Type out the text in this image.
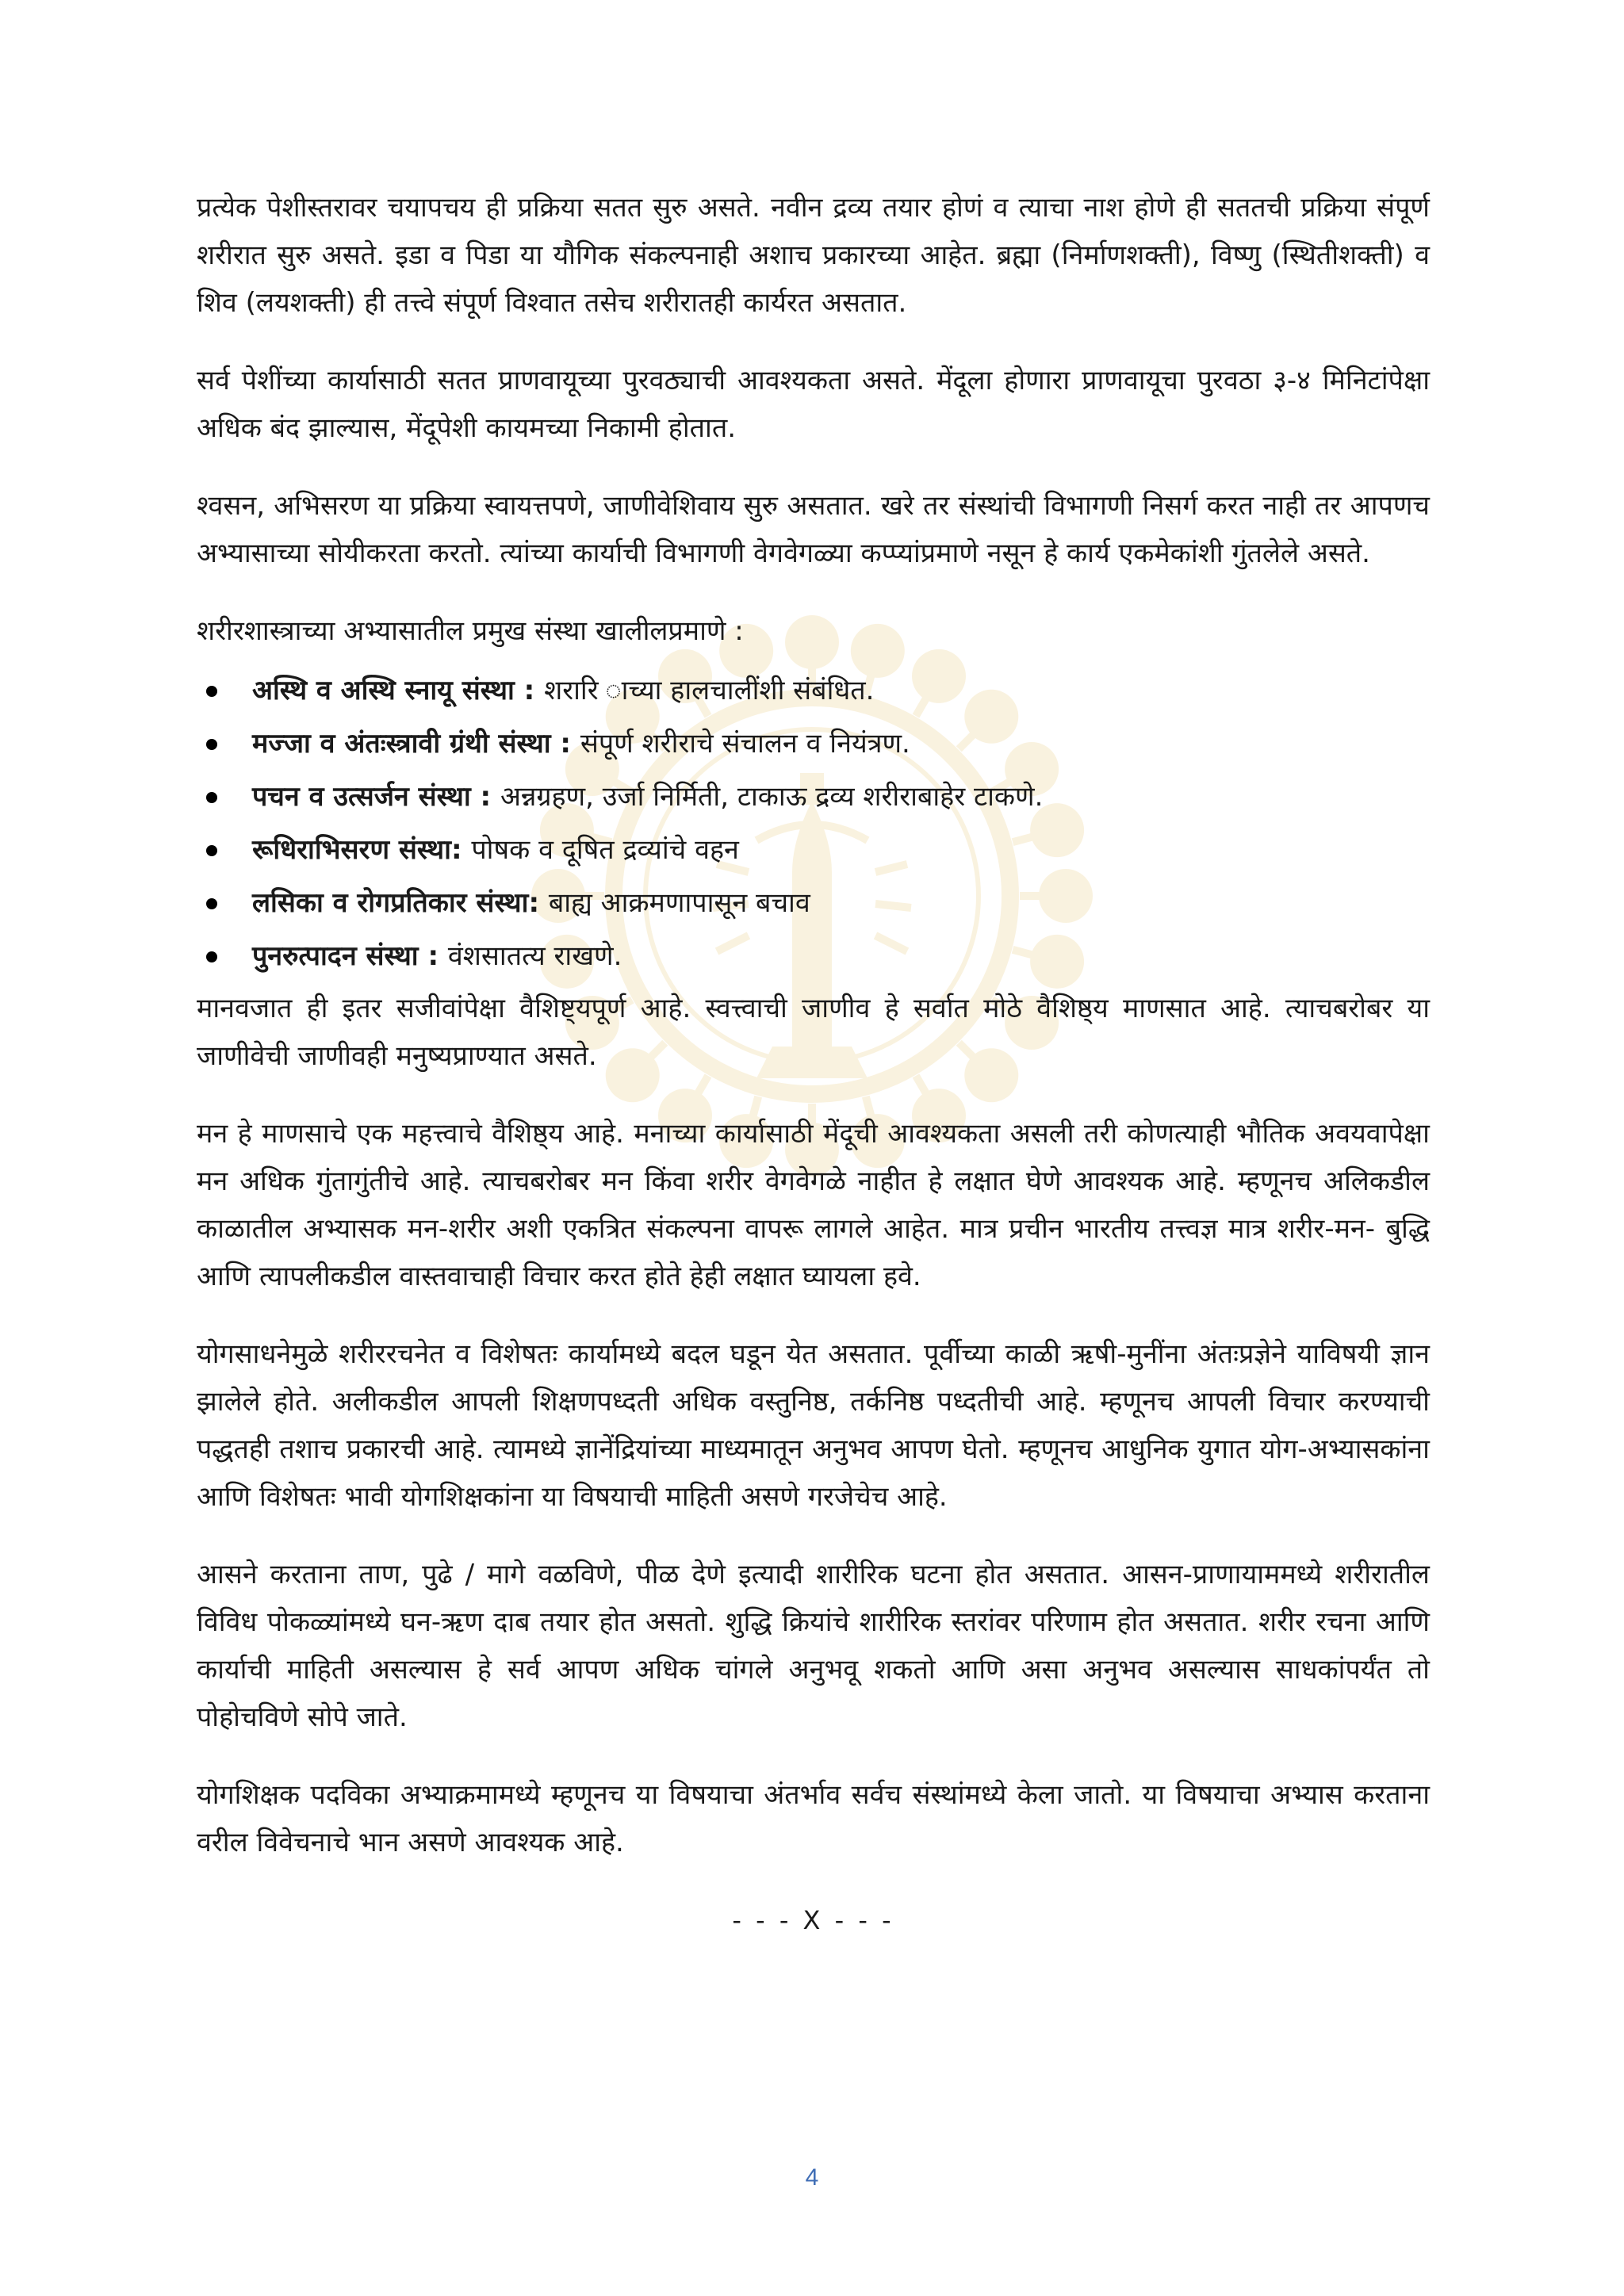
प्रत्येक पेशीस्तरावर चयापचय ही प्रक्रिया सतत सुरु असते. नवीन द्रव्य तयार होणं व त्याचा नाश होणे ही सततची प्रक्रिया संपूर्ण शरीरात सुरु असते. इडा व पिडा या यौगिक संकल्पनाही अशाच प्रकारच्या आहेत. ब्रह्मा (निर्माणशक्ती), विष्णु (स्थितीशक्ती) व शिव (लयशक्ती) ही तत्त्वे संपूर्ण विश्वात तसेच शरीरातही कार्यरत असतात.

सर्व पेशींच्या कार्यासाठी सतत प्राणवायूच्या पुरवठ्याची आवश्यकता असते. मेंदूला होणारा प्राणवायूचा पुरवठा ३-४ मिनिटांपेक्षा अधिक बंद झाल्यास, मेंदूपेशी कायमच्या निकामी होतात.

श्वसन, अभिसरण या प्रक्रिया स्वायत्तपणे, जाणीवेशिवाय सुरु असतात. खरे तर संस्थांची विभागणी निसर्ग करत नाही तर आपणच अभ्यासाच्या सोयीकरता करतो. त्यांच्या कार्याची विभागणी वेगवेगळ्या कप्प्यांप्रमाणे नसून हे कार्य एकमेकांशी गुंतलेले असते.

शरीरशास्त्राच्या अभ्यासातील प्रमुख संस्था खालीलप्रमाणे :

अस्थि व अस्थि स्नायू संस्था : शरारि ाच्या हालचालींशी संबंधित.
मज्जा व अंतःस्त्रावी ग्रंथी संस्था : संपूर्ण शरीराचे संचालन व नियंत्रण.
पचन व उत्सर्जन संस्था : अन्नग्रहण, उर्जा निर्मिती, टाकाऊ द्रव्य शरीराबाहेर टाकणे.
रूधिराभिसरण संस्था: पोषक व दूषित द्रव्यांचे वहन
लसिका व रोगप्रतिकार संस्था: बाह्य आक्रमणापासून बचाव
पुनरुत्पादन संस्था : वंशसातत्य राखणे.

मानवजात ही इतर सजीवांपेक्षा वैशिष्ट्यपूर्ण आहे. स्वत्त्वाची जाणीव हे सर्वात मोठे वैशिष्ठ्य माणसात आहे. त्याचबरोबर या जाणीवेची जाणीवही मनुष्यप्राण्यात असते.

मन हे माणसाचे एक महत्त्वाचे वैशिष्ठ्य आहे. मनाच्या कार्यासाठी मेंदूची आवश्यकता असली तरी कोणत्याही भौतिक अवयवापेक्षा मन अधिक गुंतागुंतीचे आहे. त्याचबरोबर मन किंवा शरीर वेगवेगळे नाहीत हे लक्षात घेणे आवश्यक आहे. म्हणूनच अलिकडील काळातील अभ्यासक मन-शरीर अशी एकत्रित संकल्पना वापरू लागले आहेत. मात्र प्रचीन भारतीय तत्त्वज्ञ मात्र शरीर-मन- बुद्धि आणि त्यापलीकडील वास्तवाचाही विचार करत होते हेही लक्षात घ्यायला हवे.

योगसाधनेमुळे शरीररचनेत व विशेषतः कार्यामध्ये बदल घडून येत असतात. पूर्वीच्या काळी ऋषी-मुनींना अंतःप्रज्ञेने याविषयी ज्ञान झालेले होते. अलीकडील आपली शिक्षणपध्दती अधिक वस्तुनिष्ठ, तर्कनिष्ठ पध्दतीची आहे. म्हणूनच आपली विचार करण्याची पद्धतही तशाच प्रकारची आहे. त्यामध्ये ज्ञानेंद्रियांच्या माध्यमातून अनुभव आपण घेतो. म्हणूनच आधुनिक युगात योग-अभ्यासकांना आणि विशेषतः भावी योगशिक्षकांना या विषयाची माहिती असणे गरजेचेच आहे.

आसने करताना ताण, पुढे / मागे वळविणे, पीळ देणे इत्यादी शारीरिक घटना होत असतात. आसन-प्राणायाममध्ये शरीरातील विविध पोकळ्यांमध्ये घन-ऋण दाब तयार होत असतो. शुद्धि क्रियांचे शारीरिक स्तरांवर परिणाम होत असतात. शरीर रचना आणि कार्याची माहिती असल्यास हे सर्व आपण अधिक चांगले अनुभवू शकतो आणि असा अनुभव असल्यास साधकांपर्यंत तो पोहोचविणे सोपे जाते.

योगशिक्षक पदविका अभ्याक्रमामध्ये म्हणूनच या विषयाचा अंतर्भाव सर्वच संस्थांमध्ये केला जातो. या विषयाचा अभ्यास करताना वरील विवेचनाचे भान असणे आवश्यक आहे.

- - - X - - -
4
